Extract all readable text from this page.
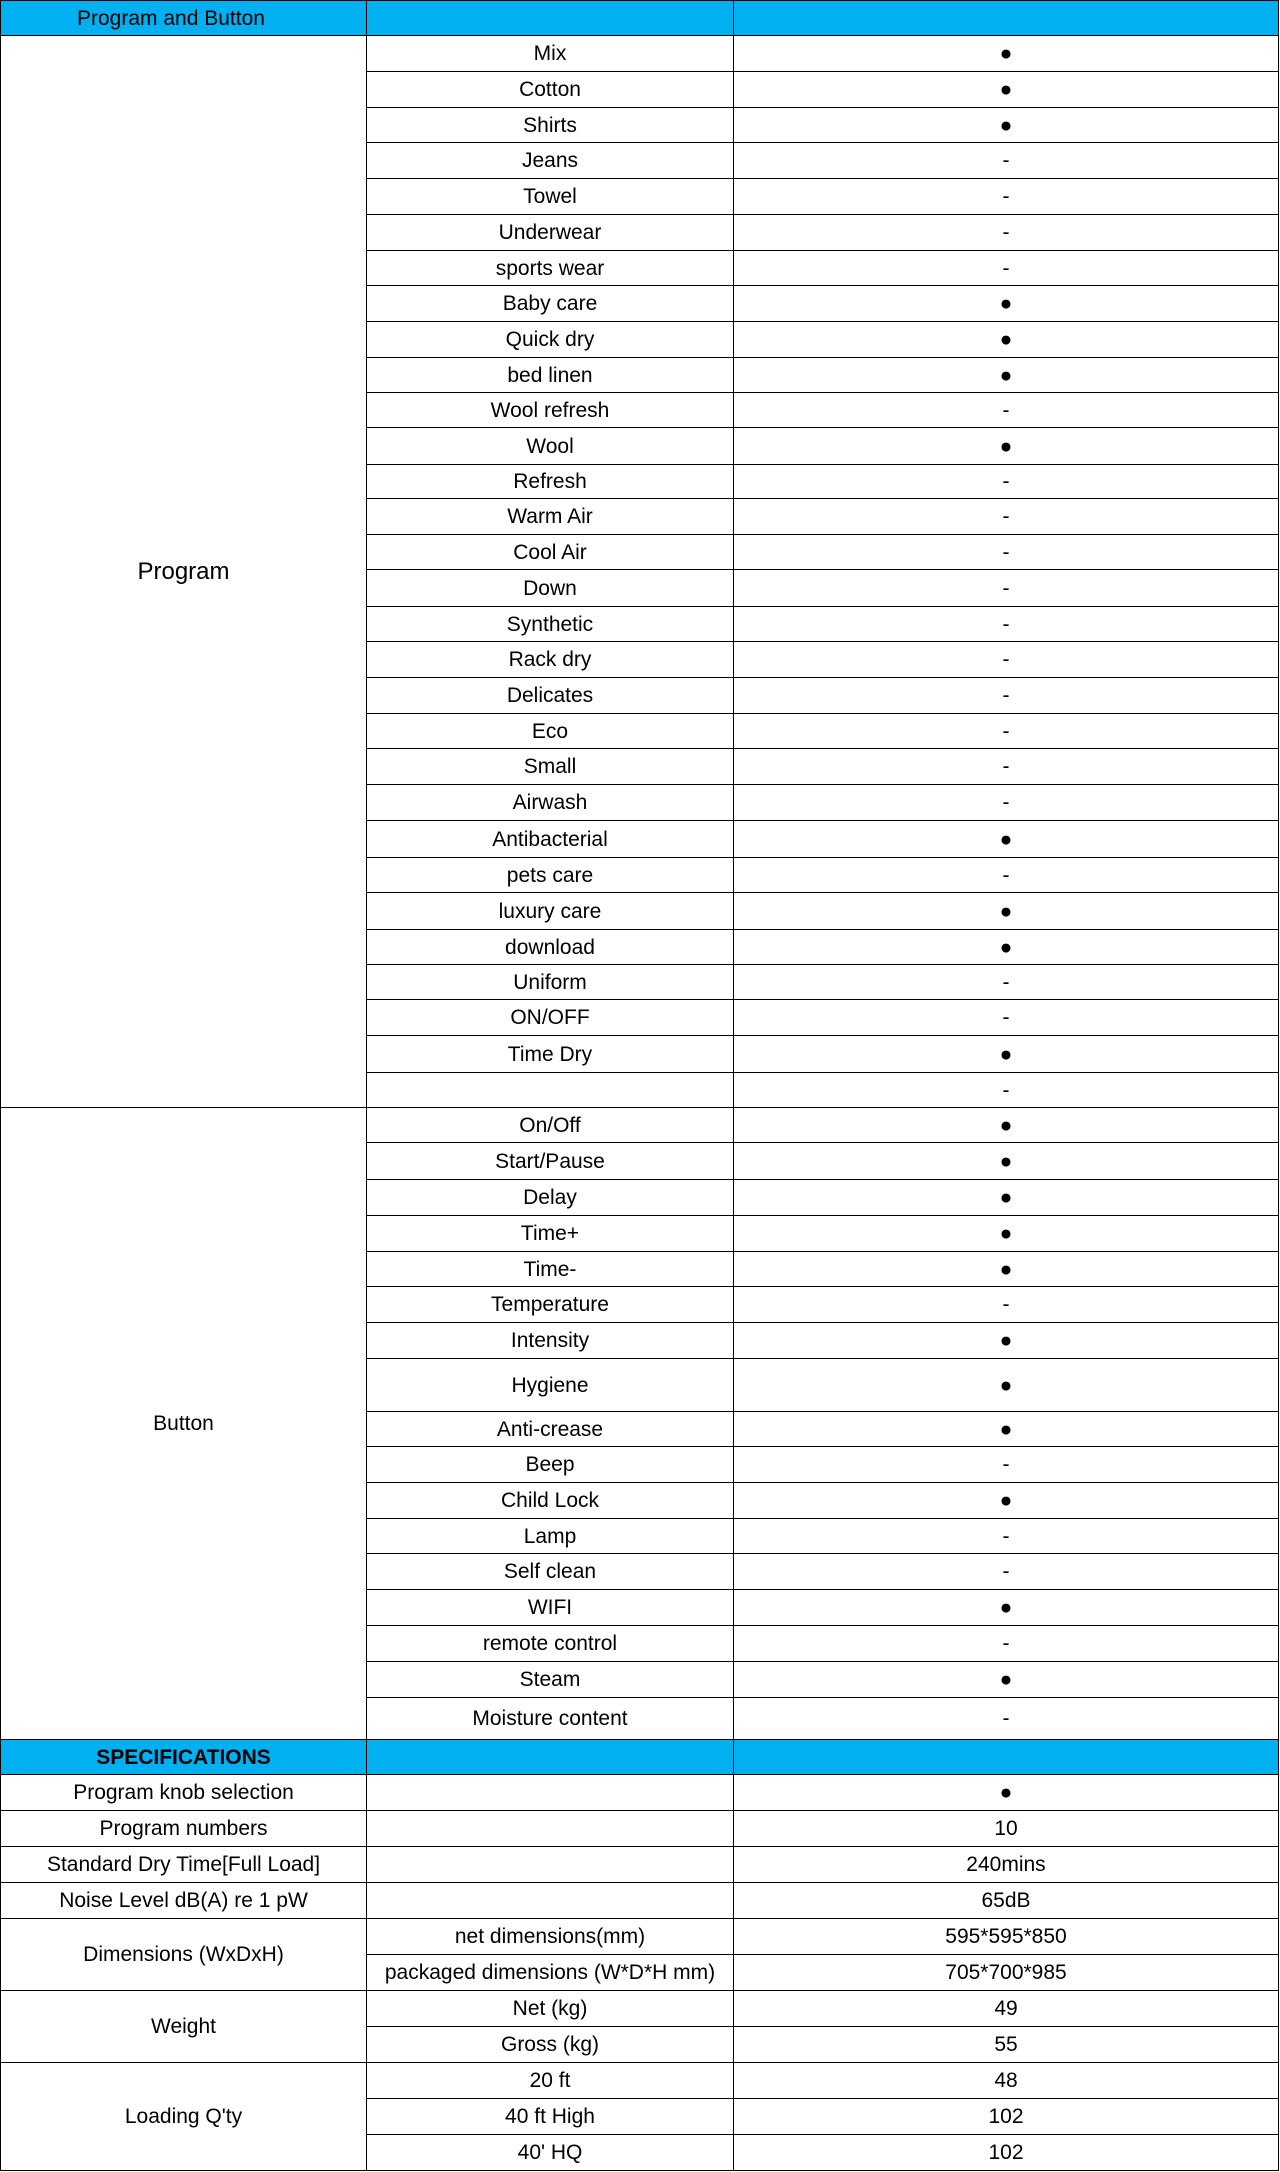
Program and Button		
Program	Mix	●
	Cotton	●
	Shirts	●
	Jeans	-
	Towel	-
	Underwear	-
	sports wear	-
	Baby care	●
	Quick dry	●
	bed linen	●
	Wool refresh	-
	Wool	●
	Refresh	-
	Warm Air	-
	Cool Air	-
	Down	-
	Synthetic	-
	Rack dry	-
	Delicates	-
	Eco	-
	Small	-
	Airwash	-
	Antibacterial	●
	pets care	-
	luxury care	●
	download	●
	Uniform	-
	ON/OFF	-
	Time Dry	●
		-
Button	On/Off	●
	Start/Pause	●
	Delay	●
	Time+	●
	Time-	●
	Temperature	-
	Intensity	●
	Hygiene	●
	Anti-crease	●
	Beep	-
	Child Lock	●
	Lamp	-
	Self clean	-
	WIFI	●
	remote control	-
	Steam	●
	Moisture content	-
SPECIFICATIONS		
Program knob selection		●
Program numbers		10
Standard Dry Time[Full Load]		240mins
Noise Level dB(A) re 1 pW		65dB
Dimensions (WxDxH)	net dimensions(mm)	595*595*850
	packaged dimensions (W*D*H mm)	705*700*985
Weight	Net (kg)	49
	Gross (kg)	55
Loading Q'ty	20 ft	48
	40 ft High	102
	40' HQ	102
